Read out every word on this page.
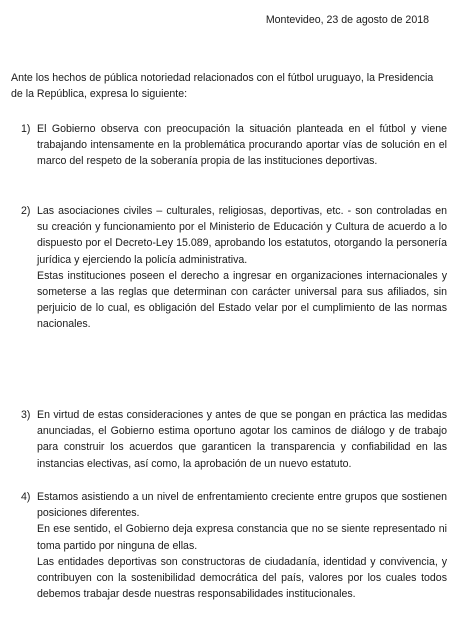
Montevideo, 23 de agosto de 2018
Ante los hechos de pública notoriedad relacionados con el fútbol uruguayo, la Presidencia de la República, expresa lo siguiente:
1) El Gobierno observa con preocupación la situación planteada en el fútbol y viene trabajando intensamente en la problemática procurando aportar vías de solución en el marco del respeto de la soberanía propia de las instituciones deportivas.

2) Las asociaciones civiles – culturales, religiosas, deportivas, etc. - son controladas en su creación y funcionamiento por el Ministerio de Educación y Cultura de acuerdo a lo dispuesto por el Decreto-Ley 15.089, aprobando los estatutos, otorgando la personería jurídica y ejerciendo la policía administrativa.

Estas instituciones poseen el derecho a ingresar en organizaciones internacionales y someterse a las reglas que determinan con carácter universal para sus afiliados, sin perjuicio de lo cual, es obligación del Estado velar por el cumplimiento de las normas nacionales.

3) En virtud de estas consideraciones y antes de que se pongan en práctica las medidas anunciadas, el Gobierno estima oportuno agotar los caminos de diálogo y de trabajo para construir los acuerdos que garanticen la transparencia y confiabilidad en las instancias electivas, así como, la aprobación de un nuevo estatuto.

4) Estamos asistiendo a un nivel de enfrentamiento creciente entre grupos que sostienen posiciones diferentes.

En ese sentido, el Gobierno deja expresa constancia que no se siente representado ni toma partido por ninguna de ellas.

Las entidades deportivas son constructoras de ciudadanía, identidad y convivencia, y contribuyen con la sostenibilidad democrática del país, valores por los cuales todos debemos trabajar desde nuestras responsabilidades institucionales.
